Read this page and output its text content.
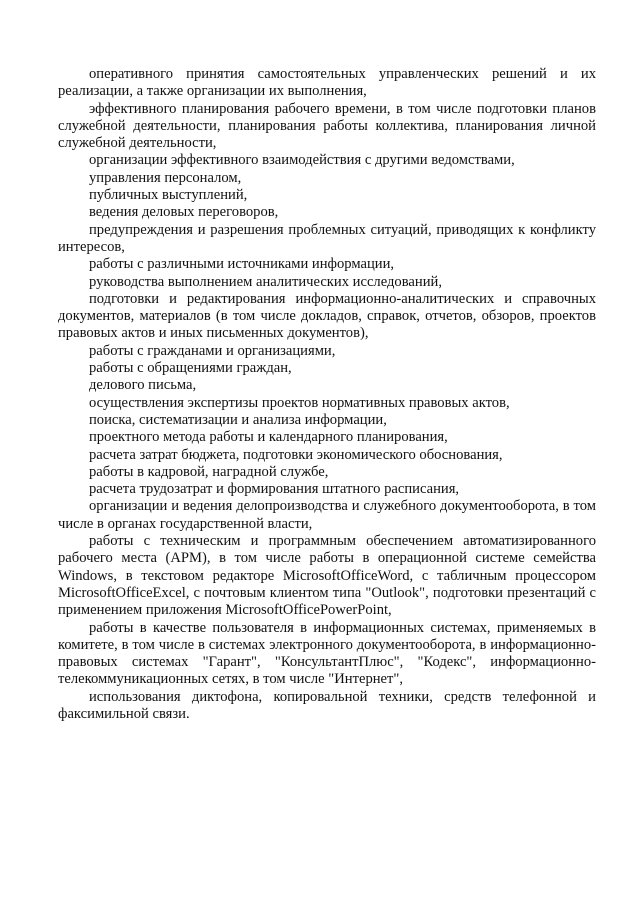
оперативного принятия самостоятельных управленческих решений и их реализации, а также организации их выполнения,

эффективного планирования рабочего времени, в том числе подготовки планов служебной деятельности, планирования работы коллектива, планирования личной служебной деятельности,

организации эффективного взаимодействия с другими ведомствами,

управления персоналом,

публичных выступлений,

ведения деловых переговоров,

предупреждения и разрешения проблемных ситуаций, приводящих к конфликту интересов,

работы с различными источниками информации,

руководства выполнением аналитических исследований,

подготовки и редактирования информационно-аналитических и справочных документов, материалов (в том числе докладов, справок, отчетов, обзоров, проектов правовых актов и иных письменных документов),

работы с гражданами и организациями,

работы с обращениями граждан,

делового письма,

осуществления экспертизы проектов нормативных правовых актов,

поиска, систематизации и анализа информации,

проектного метода работы и календарного планирования,

расчета затрат бюджета, подготовки экономического обоснования,

работы в кадровой, наградной службе,

расчета трудозатрат и формирования штатного расписания,

организации и ведения делопроизводства и служебного документооборота, в том числе в органах государственной власти,

работы с техническим и программным обеспечением автоматизированного рабочего места (АРМ), в том числе работы в операционной системе семейства Windows, в текстовом редакторе MicrosoftOfficeWord, с табличным процессором MicrosoftOfficeExcel, с почтовым клиентом типа "Outlook", подготовки презентаций с применением приложения MicrosoftOfficePowerPoint,

работы в качестве пользователя в информационных системах, применяемых в комитете, в том числе в системах электронного документооборота, в информационно-правовых системах "Гарант", "КонсультантПлюс", "Кодекс", информационно-телекоммуникационных сетях, в том числе "Интернет",

использования диктофона, копировальной техники, средств телефонной и факсимильной связи.
